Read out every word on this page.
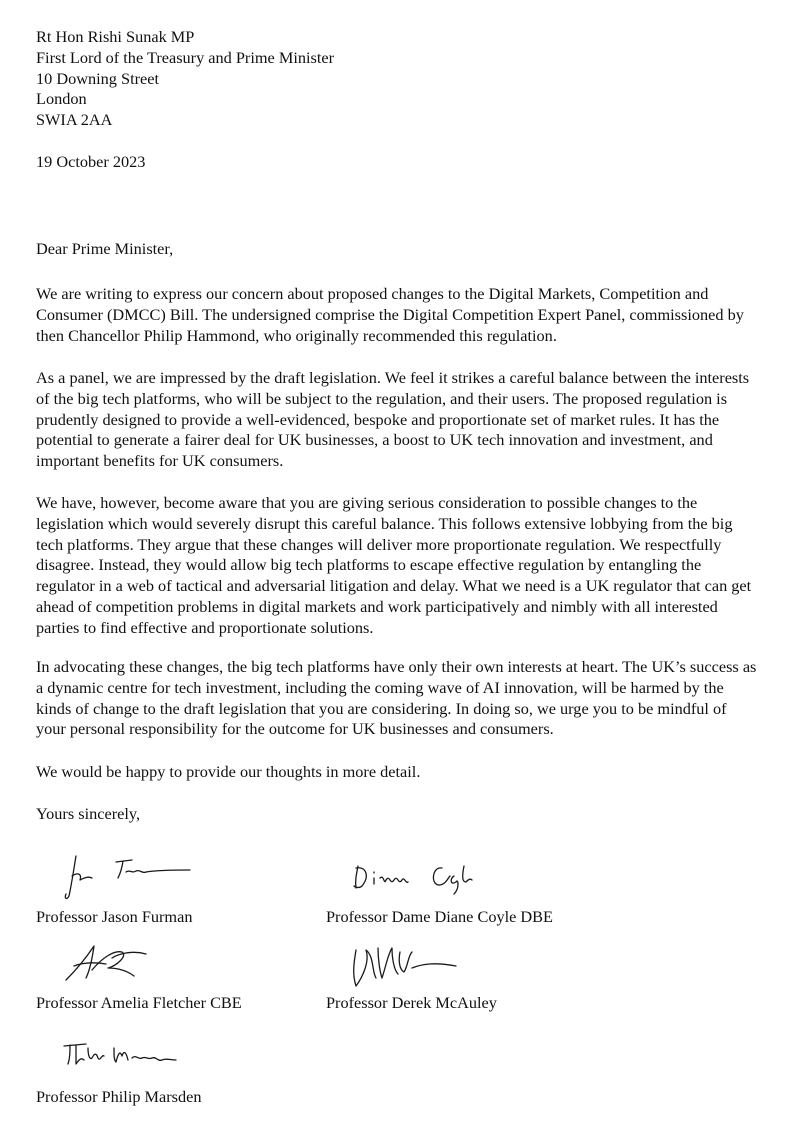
Rt Hon Rishi Sunak MP
First Lord of the Treasury and Prime Minister
10 Downing Street
London
SWIA 2AA
19 October 2023
Dear Prime Minister,

We are writing to express our concern about proposed changes to the Digital Markets, Competition and Consumer (DMCC) Bill. The undersigned comprise the Digital Competition Expert Panel, commissioned by then Chancellor Philip Hammond, who originally recommended this regulation.

As a panel, we are impressed by the draft legislation. We feel it strikes a careful balance between the interests of the big tech platforms, who will be subject to the regulation, and their users. The proposed regulation is prudently designed to provide a well-evidenced, bespoke and proportionate set of market rules. It has the potential to generate a fairer deal for UK businesses, a boost to UK tech innovation and investment, and important benefits for UK consumers.

We have, however, become aware that you are giving serious consideration to possible changes to the legislation which would severely disrupt this careful balance. This follows extensive lobbying from the big tech platforms. They argue that these changes will deliver more proportionate regulation. We respectfully disagree. Instead, they would allow big tech platforms to escape effective regulation by entangling the regulator in a web of tactical and adversarial litigation and delay. What we need is a UK regulator that can get ahead of competition problems in digital markets and work participatively and nimbly with all interested parties to find effective and proportionate solutions.

In advocating these changes, the big tech platforms have only their own interests at heart. The UK’s success as a dynamic centre for tech investment, including the coming wave of AI innovation, will be harmed by the kinds of change to the draft legislation that you are considering. In doing so, we urge you to be mindful of your personal responsibility for the outcome for UK businesses and consumers.

We would be happy to provide our thoughts in more detail.

Yours sincerely,
Professor Jason Furman	Professor Dame Diane Coyle DBE
Professor Amelia Fletcher CBE	Professor Derek McAuley
Professor Philip Marsden
